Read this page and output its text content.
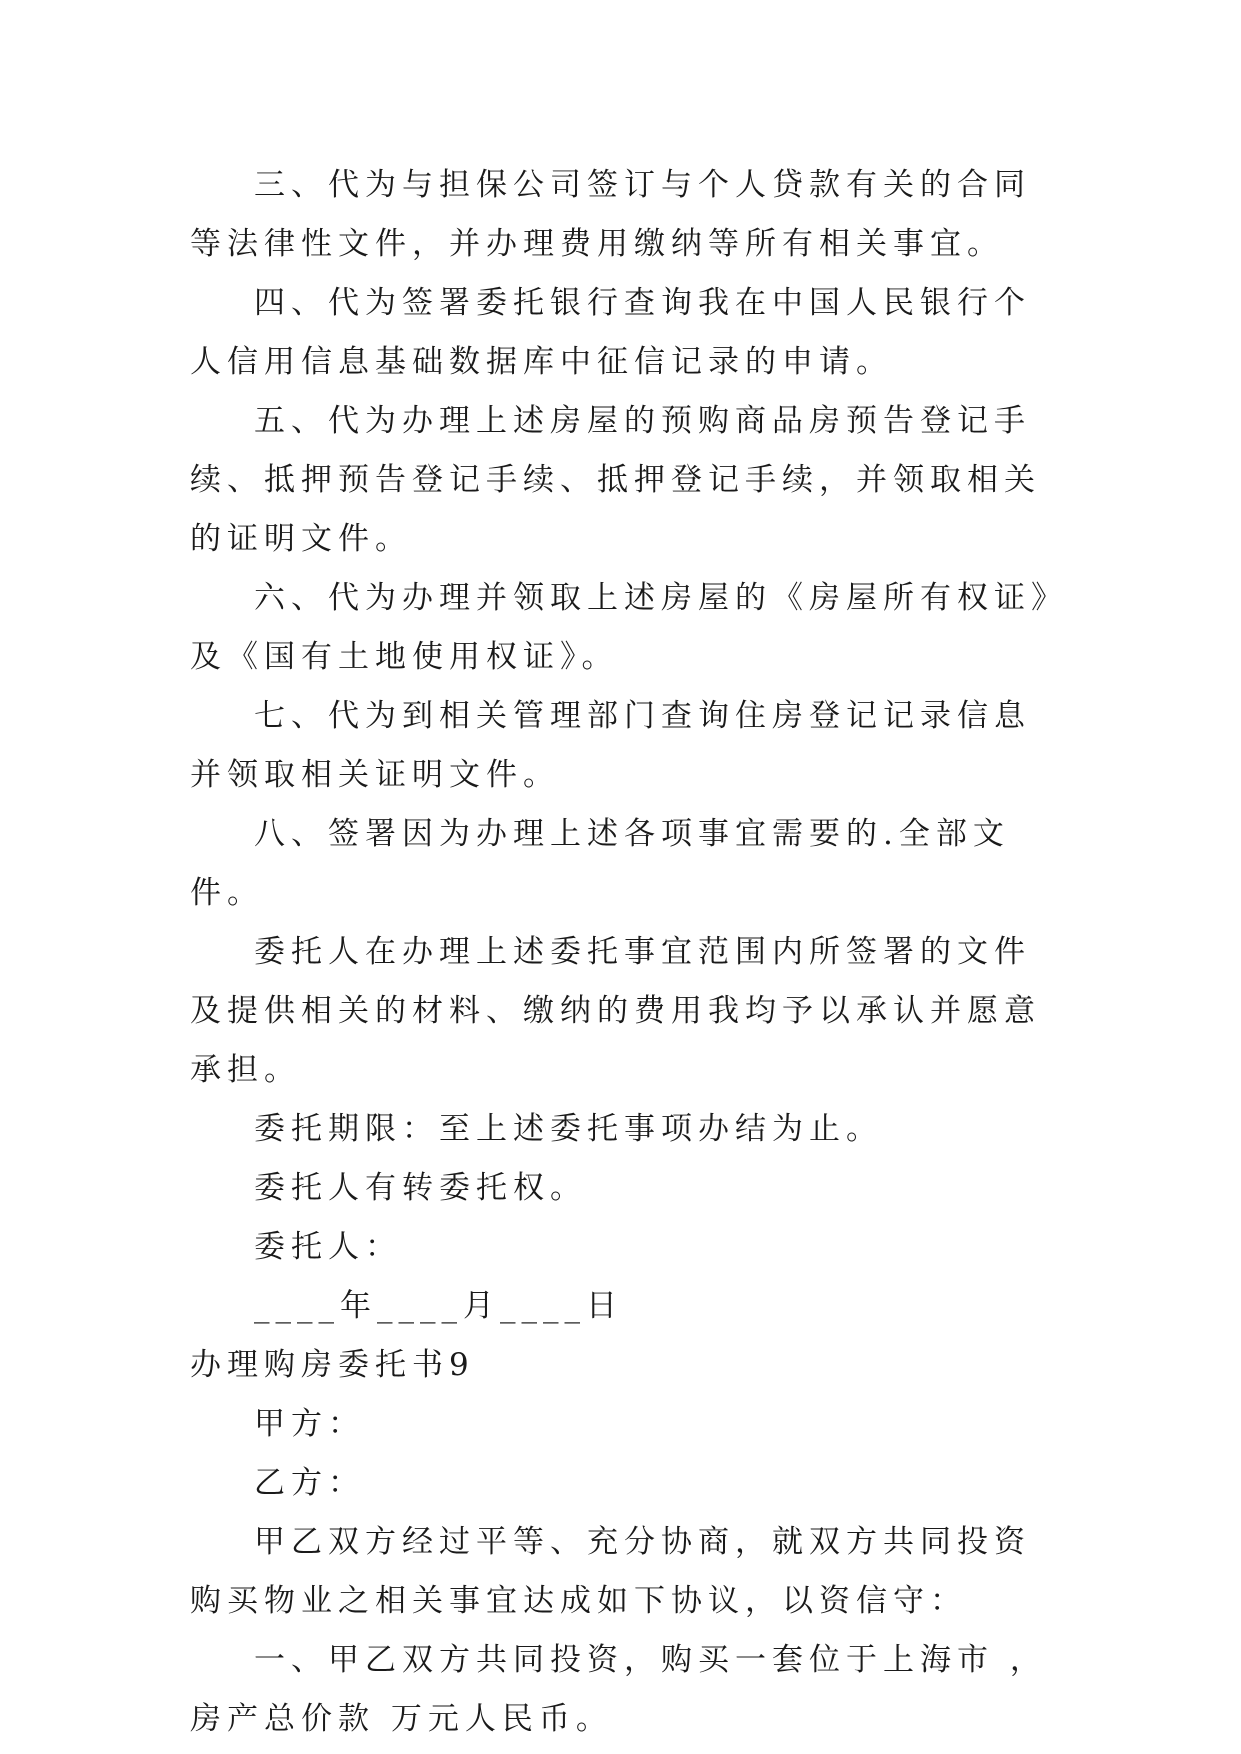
三、代为与担保公司签订与个人贷款有关的合同等法律性文件，并办理费用缴纳等所有相关事宜。

四、代为签署委托银行查询我在中国人民银行个人信用信息基础数据库中征信记录的申请。

五、代为办理上述房屋的预购商品房预告登记手续、抵押预告登记手续、抵押登记手续，并领取相关的证明文件。

六、代为办理并领取上述房屋的《房屋所有权证》及《国有土地使用权证》。

七、代为到相关管理部门查询住房登记记录信息并领取相关证明文件。

八、签署因为办理上述各项事宜需要的.全部文件。

委托人在办理上述委托事宜范围内所签署的文件及提供相关的材料、缴纳的费用我均予以承认并愿意承担。

委托期限：至上述委托事项办结为止。

委托人有转委托权。

委托人：

____年____月____日

办理购房委托书9

甲方：

乙方：

甲乙双方经过平等、充分协商，就双方共同投资购买物业之相关事宜达成如下协议，以资信守：

一、甲乙双方共同投资，购买一套位于上海市 ，房产总价款 万元人民币。
